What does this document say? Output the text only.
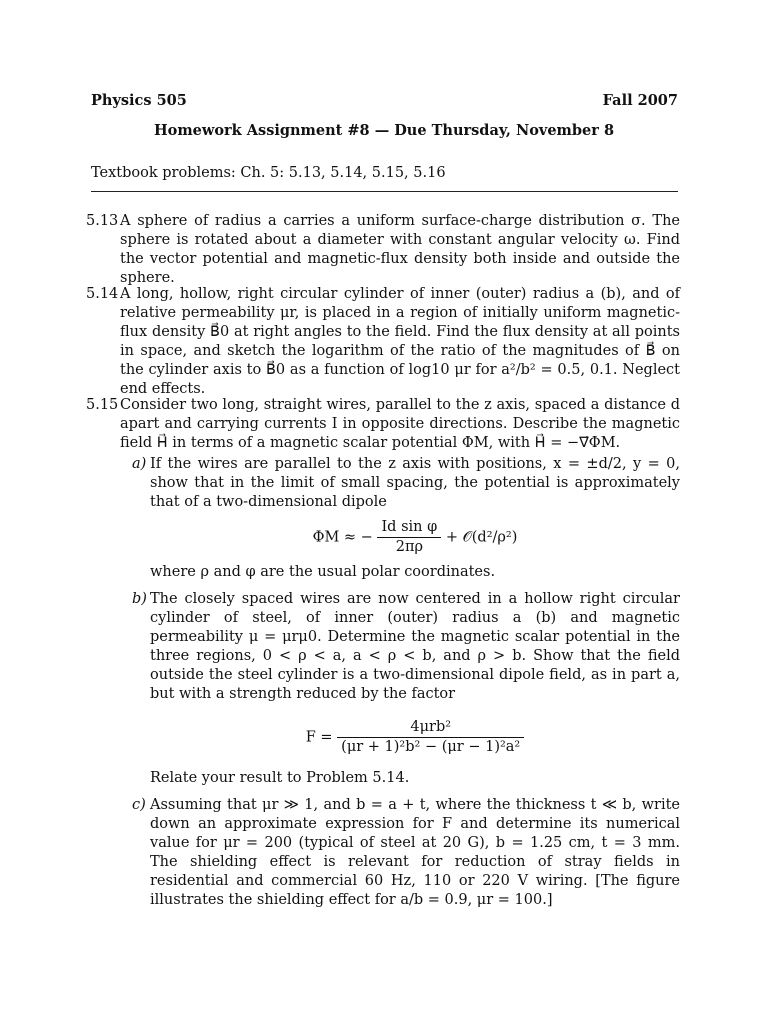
Physics 505	Fall 2007
Homework Assignment #8 — Due Thursday, November 8
Textbook problems: Ch. 5: 5.13, 5.14, 5.15, 5.16
5.13 A sphere of radius a carries a uniform surface-charge distribution σ. The sphere is rotated about a diameter with constant angular velocity ω. Find the vector potential and magnetic-flux density both inside and outside the sphere.

5.14 A long, hollow, right circular cylinder of inner (outer) radius a (b), and of relative permeability μr, is placed in a region of initially uniform magnetic-flux density B⃗0 at right angles to the field. Find the flux density at all points in space, and sketch the logarithm of the ratio of the magnitudes of B⃗ on the cylinder axis to B⃗0 as a function of log10 μr for a²/b² = 0.5, 0.1. Neglect end effects.

5.15 Consider two long, straight wires, parallel to the z axis, spaced a distance d apart and carrying currents I in opposite directions. Describe the magnetic field H⃗ in terms of a magnetic scalar potential ΦM, with H⃗ = −∇⃗ΦM.

a) If the wires are parallel to the z axis with positions, x = ±d/2, y = 0, show that in the limit of small spacing, the potential is approximately that of a two-dimensional dipole

ΦM ≈ − $\frac{\text{Id sin φ}}{2\pi\rho}$ + 𝒪(d²/ρ²)

where ρ and φ are the usual polar coordinates.

b) The closely spaced wires are now centered in a hollow right circular cylinder of steel, of inner (outer) radius a (b) and magnetic permeability μ = μrμ0. Determine the magnetic scalar potential in the three regions, 0 < ρ < a, a < ρ < b, and ρ > b. Show that the field outside the steel cylinder is a two-dimensional dipole field, as in part a, but with a strength reduced by the factor

$F = \frac{\text{4μrb²}}{\text{(μr + 1)²b² − (μr − 1)²a²}}$

Relate your result to Problem 5.14.

c) Assuming that μr ≫ 1, and b = a + t, where the thickness t ≪ b, write down an approximate expression for F and determine its numerical value for μr = 200 (typical of steel at 20 G), b = 1.25 cm, t = 3 mm. The shielding effect is relevant for reduction of stray fields in residential and commercial 60 Hz, 110 or 220 V wiring. [The figure illustrates the shielding effect for a/b = 0.9, μr = 100.]
